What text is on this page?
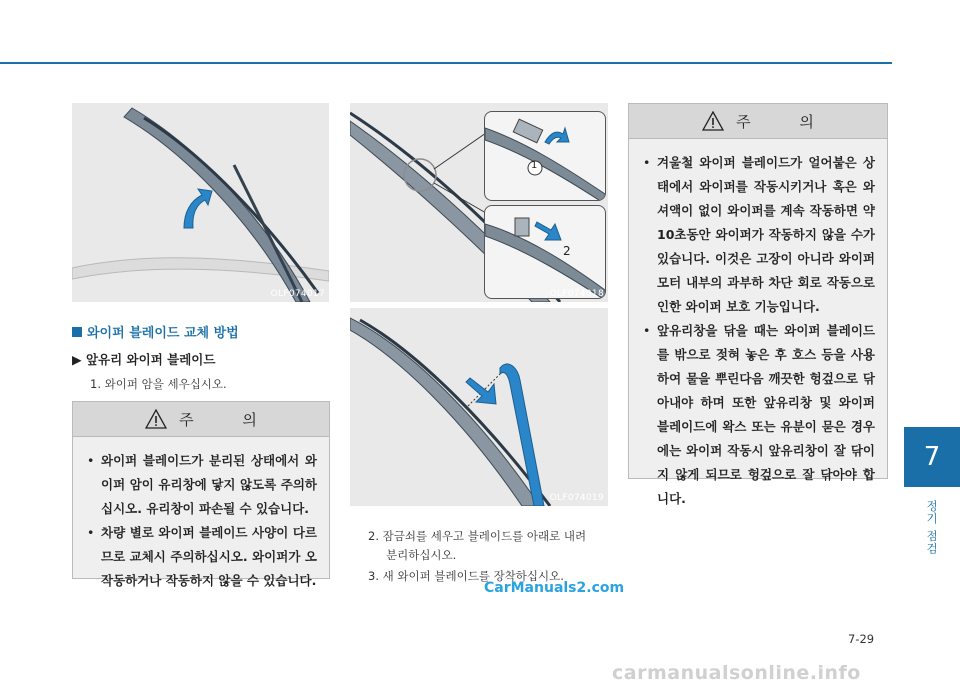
OLF074017
1
2
OLF074018
OLF074019
와이퍼 블레이드 교체 방법
▶ 앞유리 와이퍼 블레이드
1. 와이퍼 암을 세우십시오.
주 의
• 와이퍼 블레이드가 분리된 상태에서 와이퍼 암이 유리창에 닿지 않도록 주의하십시오. 유리창이 파손될 수 있습니다.
• 차량 별로 와이퍼 블레이드 사양이 다르므로 교체시 주의하십시오. 와이퍼가 오작동하거나 작동하지 않을 수 있습니다.
2. 잠금쇠를 세우고 블레이드를 아래로 내려
분리하십시오.
3. 새 와이퍼 블레이드를 장착하십시오.
주 의
• 겨울철 와이퍼 블레이드가 얼어붙은 상태에서 와이퍼를 작동시키거나 혹은 와셔액이 없이 와이퍼를 계속 작동하면 약 10초동안 와이퍼가 작동하지 않을 수가 있습니다. 이것은 고장이 아니라 와이퍼 모터 내부의 과부하 차단 회로 작동으로 인한 와이퍼 보호 기능입니다.
• 앞유리창을 닦을 때는 와이퍼 블레이드를 밖으로 젖혀 놓은 후 호스 등을 사용하여 물을 뿌린다음 깨끗한 헝겊으로 닦아내야 하며 또한 앞유리창 및 와이퍼 블레이드에 왁스 또는 유분이 묻은 경우에는 와이퍼 작동시 앞유리창이 잘 닦이지 않게 되므로 헝겊으로 잘 닦아야 합니다.
7
정기 점검
7-29
CarManuals2.com
carmanualsonline.info
